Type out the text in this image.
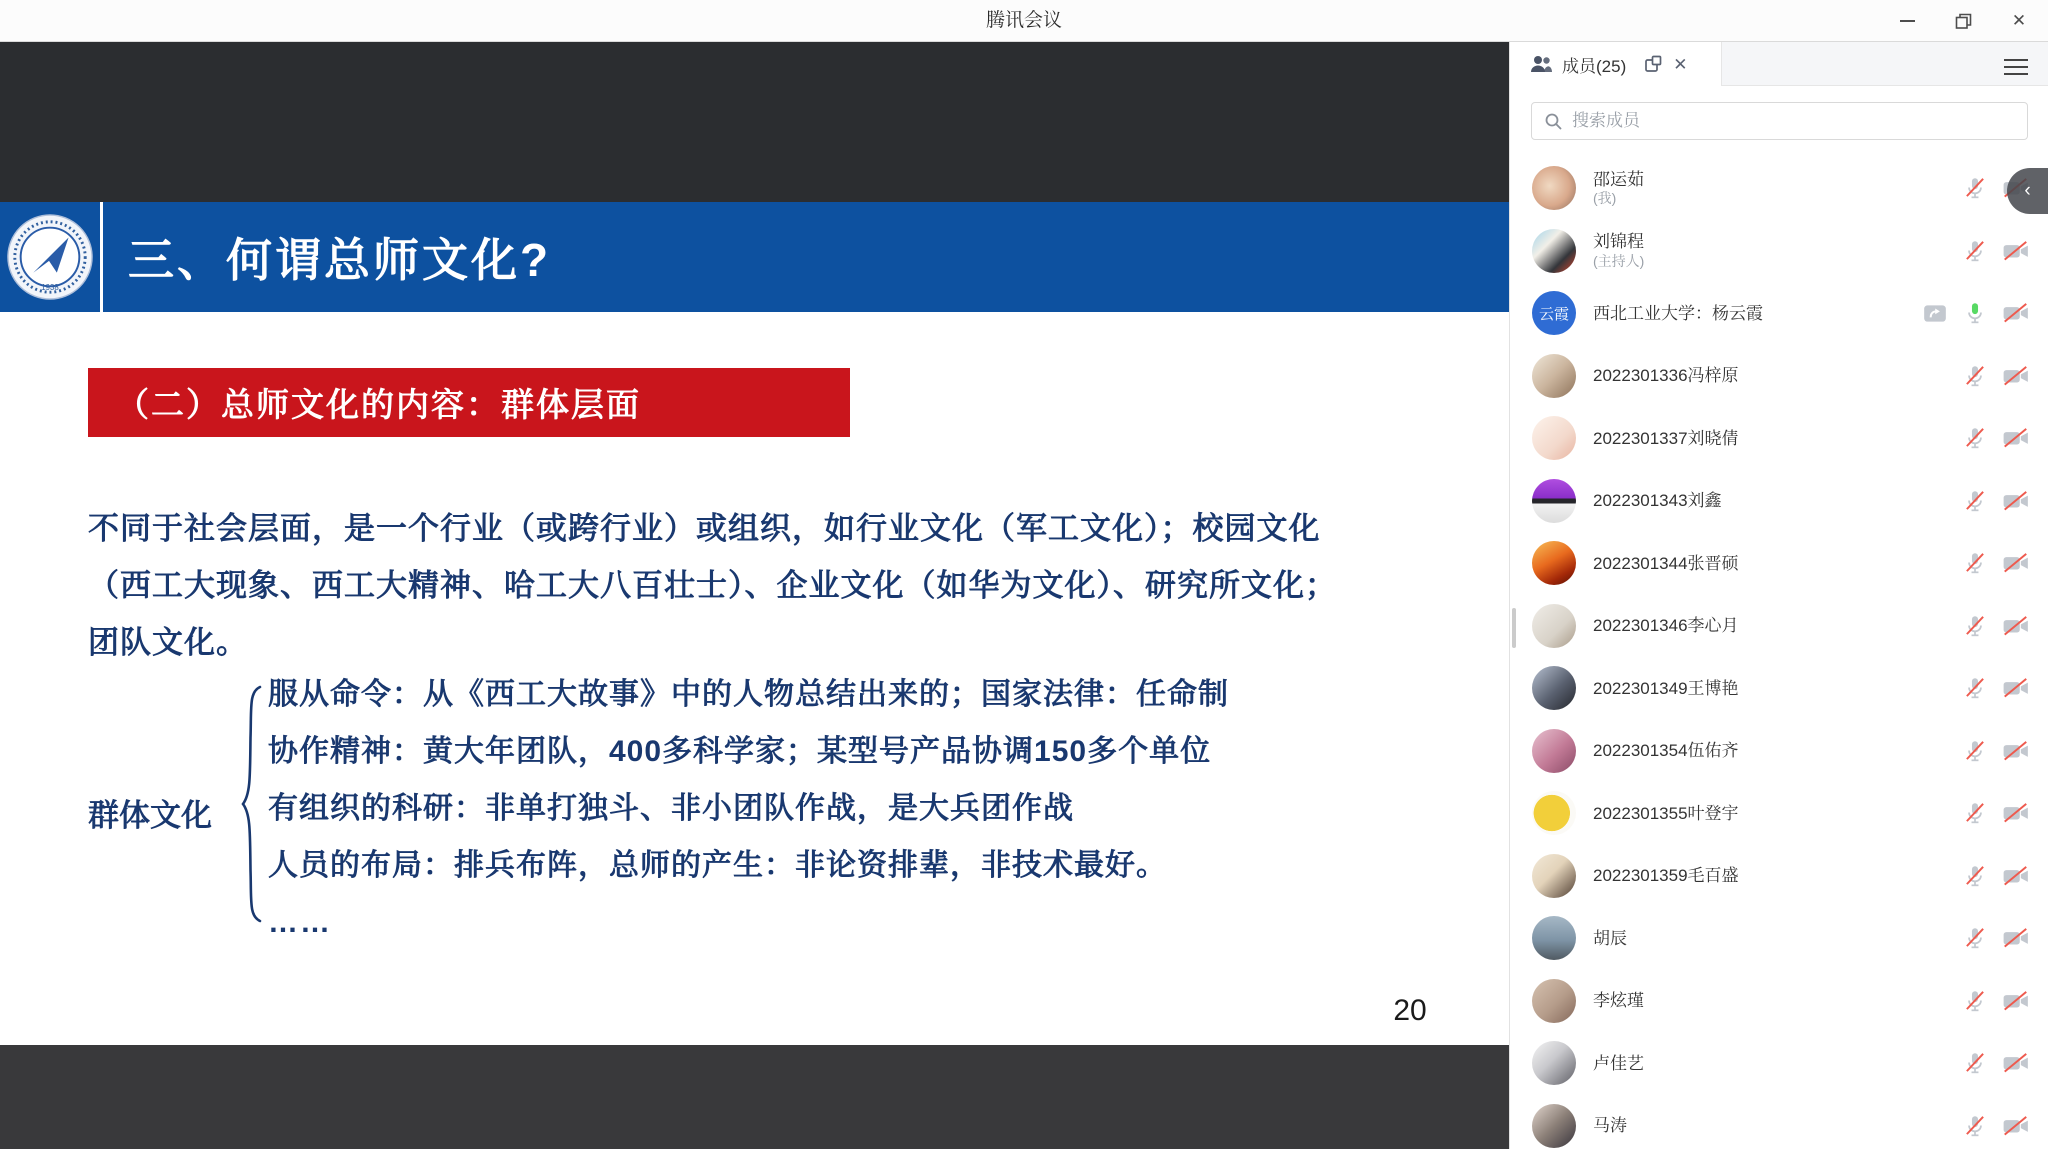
腾讯会议	✕
1938
三、何谓总师文化?
（二）总师文化的内容：群体层面
不同于社会层面，是一个行业（或跨行业）或组织，如行业文化（军工文化）；校园文化
（西工大现象、西工大精神、哈工大八百壮士）、企业文化（如华为文化）、研究所文化；
团队文化。
群体文化
服从命令：从《西工大故事》中的人物总结出来的；国家法律：任命制
协作精神：黄大年团队，400多科学家；某型号产品协调150多个单位
有组织的科研：非单打独斗、非小团队作战，是大兵团作战
人员的布局：排兵布阵，总师的产生：非论资排辈，非技术最好。
……
20
成员(25)	✕
搜索成员
邵运茹
(我)
刘锦程
(主持人)
云霞 西北工业大学：杨云霞
2022301336冯梓原
2022301337刘晓倩
2022301343刘鑫
2022301344张晋硕
2022301346李心月
2022301349王博艳
2022301354伍佑齐
2022301355叶登宇
2022301359毛百盛
胡辰
李炫瑾
卢佳艺
马涛
‹
